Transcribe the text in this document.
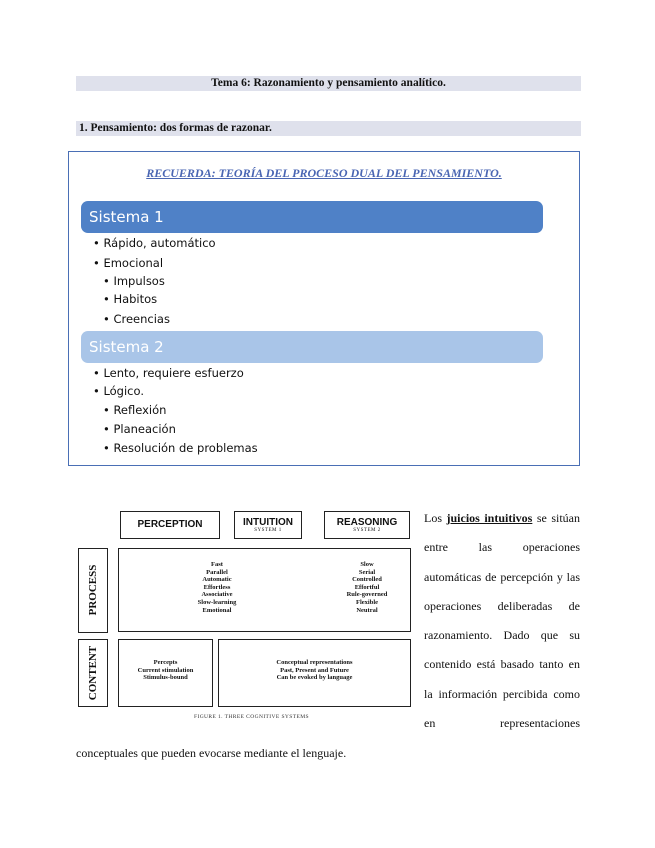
Tema 6: Razonamiento y pensamiento analítico.
1. Pensamiento: dos formas de razonar.
RECUERDA: TEORÍA DEL PROCESO DUAL DEL PENSAMIENTO.
Sistema 1
• Rápido, automático
• Emocional
• Impulsos
• Habitos
• Creencias
Sistema 2
• Lento, requiere esfuerzo
• Lógico.
• Reflexión
• Planeación
• Resolución de problemas
PERCEPTION	INTUITION
SYSTEM 1
REASONING
SYSTEM 2
PROCESS
CONTENT
Fast
Parallel
Automatic
Effortless
Associative
Slow-learning
Emotional
Slow
Serial
Controlled
Effortful
Rule-governed
Flexible
Neutral
Percepts
Current stimulation
Stimulus-bound
Conceptual representations
Past, Present and Future
Can be evoked by language
FIGURE 1. THREE COGNITIVE SYSTEMS
Los juicios intuitivos se sitúan entre las operaciones automáticas de percepción y las operaciones deliberadas de razonamiento. Dado que su contenido está basado tanto en la información percibida como en representaciones
conceptuales que pueden evocarse mediante el lenguaje.
